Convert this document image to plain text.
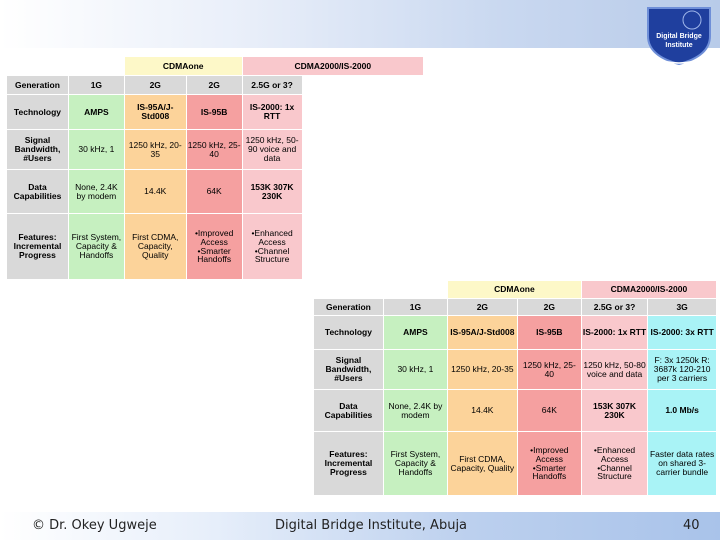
Digital Bridge
Institute
		CDMAone		CDMA2000/IS-2000	
Generation	1G	2G	2G	2.5G or 3?	
Technology	AMPS	IS-95A/J-Std008	IS-95B	IS-2000: 1x RTT	
Signal Bandwidth, #Users	30 kHz, 1	1250 kHz, 20-35	1250 kHz, 25-40	1250 kHz, 50-90 voice and data	
Data Capabilities	None, 2.4K by modem	14.4K	64K	153K 307K 230K	
Features: Incremental Progress	First System, Capacity & Handoffs	First CDMA, Capacity, Quality	•Improved Access •Smarter Handoffs	•Enhanced Access •Channel Structure	
		CDMAone		CDMA2000/IS-2000	
Generation	1G	2G	2G	2.5G or 3?	3G
Technology	AMPS	IS-95A/J-Std008	IS-95B	IS-2000: 1x RTT	IS-2000: 3x RTT
Signal Bandwidth, #Users	30 kHz, 1	1250 kHz, 20-35	1250 kHz, 25-40	1250 kHz, 50-80 voice and data	F: 3x 1250k R: 3687k 120-210 per 3 carriers
Data Capabilities	None, 2.4K by modem	14.4K	64K	153K 307K 230K	1.0 Mb/s
Features: Incremental Progress	First System, Capacity & Handoffs	First CDMA, Capacity, Quality	•Improved Access •Smarter Handoffs	•Enhanced Access •Channel Structure	Faster data rates on shared 3-carrier bundle
© Dr. Okey Ugweje	Digital Bridge Institute, Abuja	40
